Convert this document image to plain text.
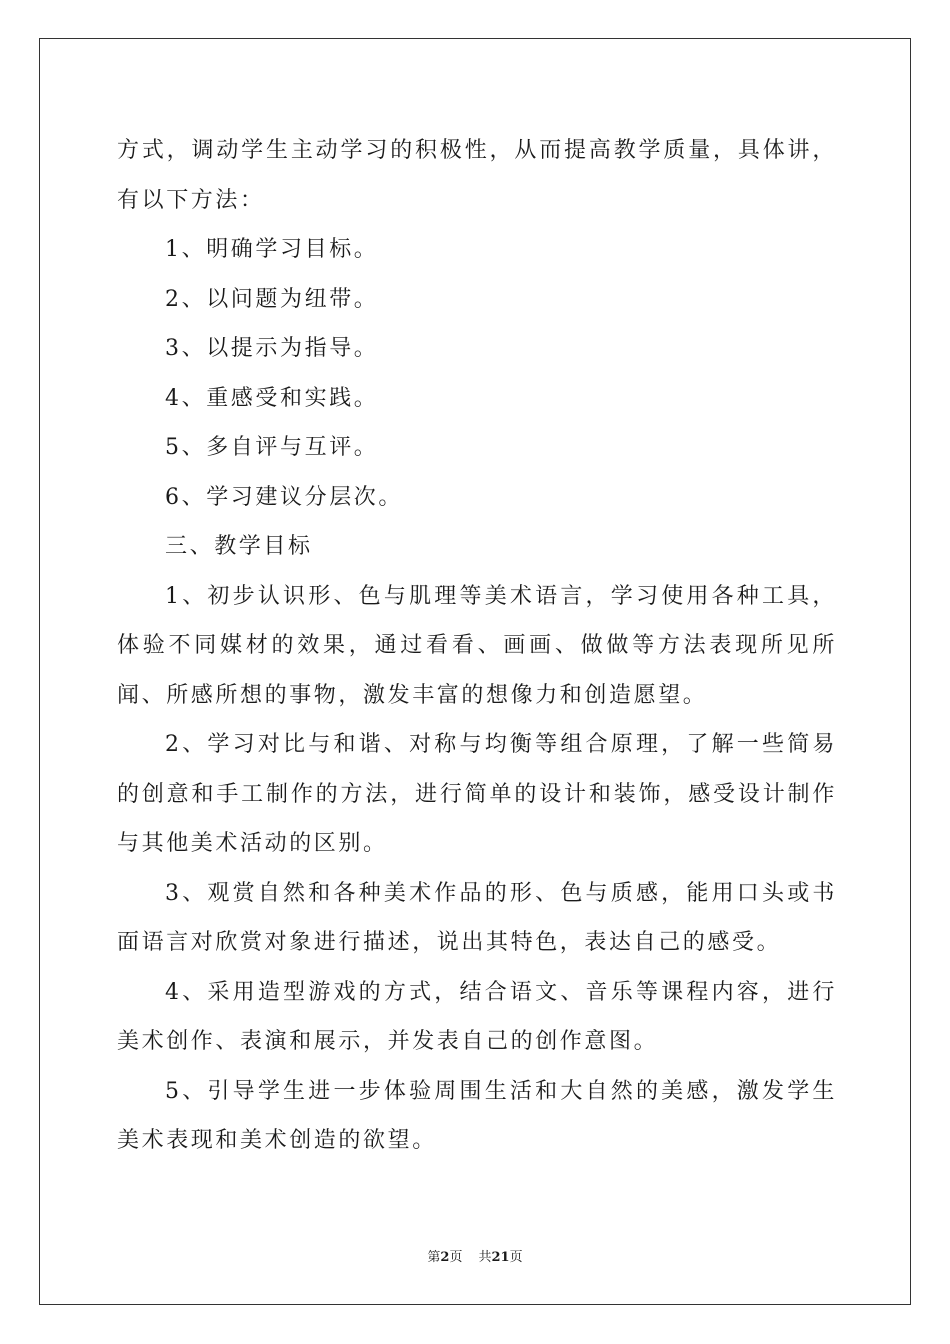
方式，调动学生主动学习的积极性，从而提高教学质量，具体讲，有以下方法：

1、明确学习目标。

2、以问题为纽带。

3、以提示为指导。

4、重感受和实践。

5、多自评与互评。

6、学习建议分层次。

三、教学目标

1、初步认识形、色与肌理等美术语言，学习使用各种工具，体验不同媒材的效果，通过看看、画画、做做等方法表现所见所闻、所感所想的事物，激发丰富的想像力和创造愿望。

2、学习对比与和谐、对称与均衡等组合原理，了解一些简易的创意和手工制作的方法，进行简单的设计和装饰，感受设计制作与其他美术活动的区别。

3、观赏自然和各种美术作品的形、色与质感，能用口头或书面语言对欣赏对象进行描述，说出其特色，表达自己的感受。

4、采用造型游戏的方式，结合语文、音乐等课程内容，进行美术创作、表演和展示，并发表自己的创作意图。

5、引导学生进一步体验周围生活和大自然的美感，激发学生美术表现和美术创造的欲望。

第2页 共21页
